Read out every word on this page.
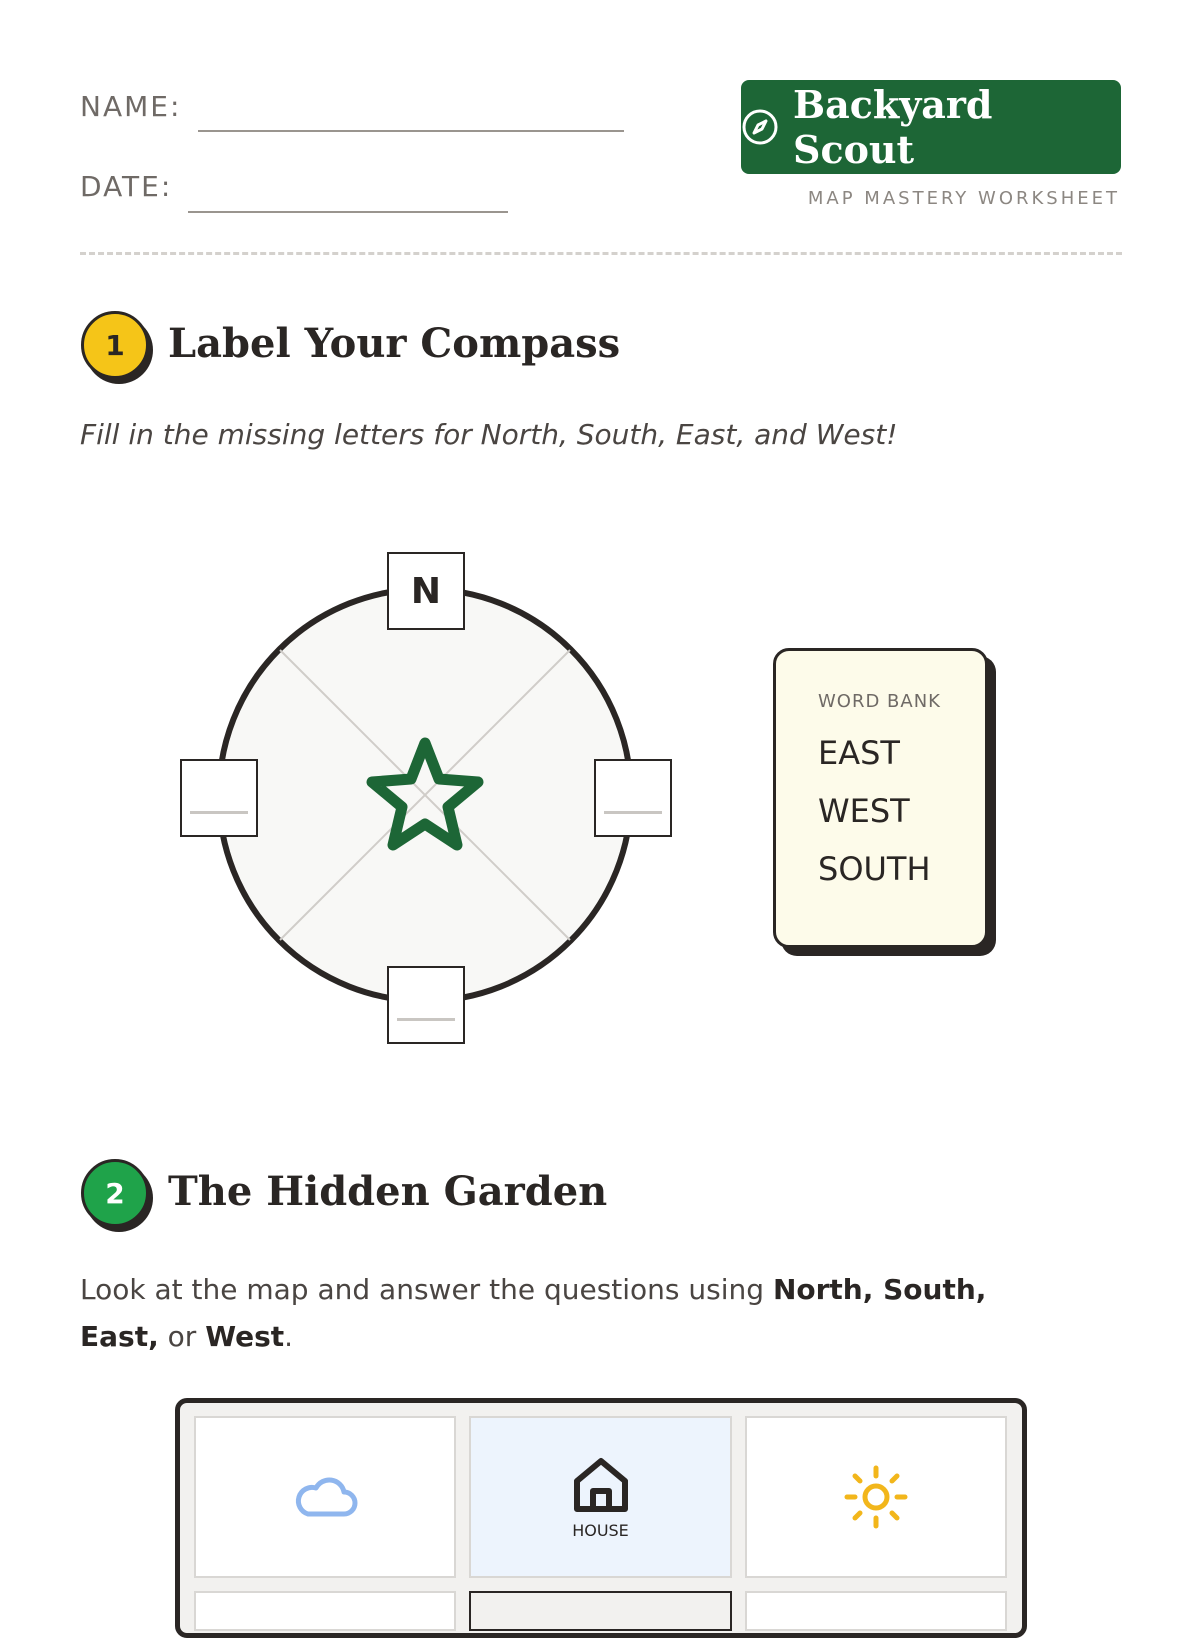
NAME:
DATE:
Backyard Scout
MAP MASTERY WORKSHEET
1	Label Your Compass
Fill in the missing letters for North, South, East, and West!
N
WORD BANK
EAST
WEST
SOUTH
2	The Hidden Garden
Look at the map and answer the questions using North, South, East, or West.
HOUSE
